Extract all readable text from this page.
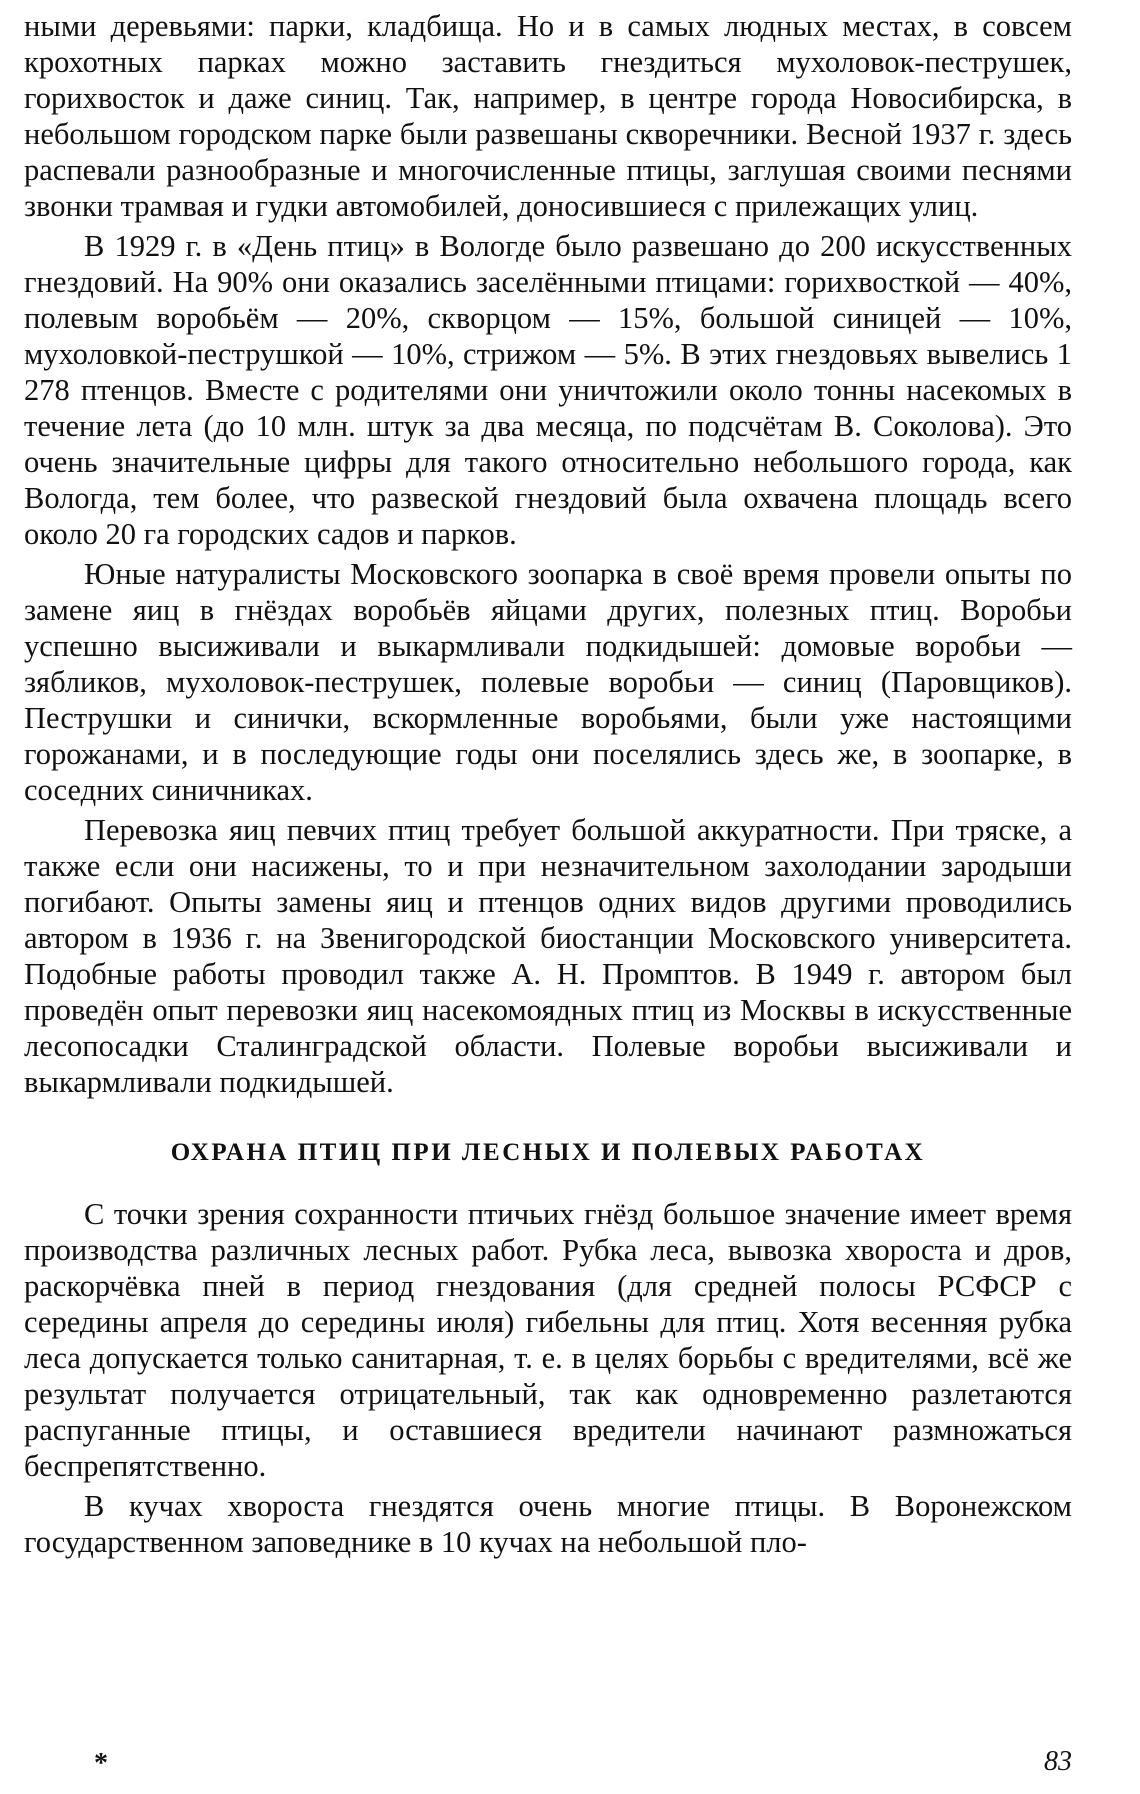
ными деревьями: парки, кладбища. Но и в самых людных местах, в совсем крохотных парках можно заставить гнездиться мухоловок-пеструшек, горихвосток и даже синиц. Так, например, в центре города Новосибирска, в небольшом городском парке были развешаны скворечники. Весной 1937 г. здесь распевали разнообразные и многочисленные птицы, заглушая своими песнями звонки трамвая и гудки автомобилей, доносившиеся с прилежащих улиц.

В 1929 г. в «День птиц» в Вологде было развешано до 200 искусственных гнездовий. На 90% они оказались заселёнными птицами: горихвосткой — 40%, полевым воробьём — 20%, скворцом — 15%, большой синицей — 10%, мухоловкой-пеструшкой — 10%, стрижом — 5%. В этих гнездовьях вывелись 1 278 птенцов. Вместе с родителями они уничтожили около тонны насекомых в течение лета (до 10 млн. штук за два месяца, по подсчётам В. Соколова). Это очень значительные цифры для такого относительно небольшого города, как Вологда, тем более, что развеской гнездовий была охвачена площадь всего около 20 га городских садов и парков.

Юные натуралисты Московского зоопарка в своё время провели опыты по замене яиц в гнёздах воробьёв яйцами других, полезных птиц. Воробьи успешно высиживали и выкармливали подкидышей: домовые воробьи — зябликов, мухоловок-пеструшек, полевые воробьи — синиц (Паровщиков). Пеструшки и синички, вскормленные воробьями, были уже настоящими горожанами, и в последующие годы они поселялись здесь же, в зоопарке, в соседних синичниках.

Перевозка яиц певчих птиц требует большой аккуратности. При тряске, а также если они насижены, то и при незначительном захолодании зародыши погибают. Опыты замены яиц и птенцов одних видов другими проводились автором в 1936 г. на Звенигородской биостанции Московского университета. Подобные работы проводил также А. Н. Промптов. В 1949 г. автором был проведён опыт перевозки яиц насекомоядных птиц из Москвы в искусственные лесопосадки Сталинградской области. Полевые воробьи высиживали и выкармливали подкидышей.

ОХРАНА ПТИЦ ПРИ ЛЕСНЫХ И ПОЛЕВЫХ РАБОТАХ

С точки зрения сохранности птичьих гнёзд большое значение имеет время производства различных лесных работ. Рубка леса, вывозка хвороста и дров, раскорчёвка пней в период гнездования (для средней полосы РСФСР с середины апреля до середины июля) гибельны для птиц. Хотя весенняя рубка леса допускается только санитарная, т. е. в целях борьбы с вредителями, всё же результат получается отрицательный, так как одновременно разлетаются распуганные птицы, и оставшиеся вредители начинают размножаться беспрепятственно.

В кучах хвороста гнездятся очень многие птицы. В Воронежском государственном заповеднике в 10 кучах на небольшой пло-

*	83
